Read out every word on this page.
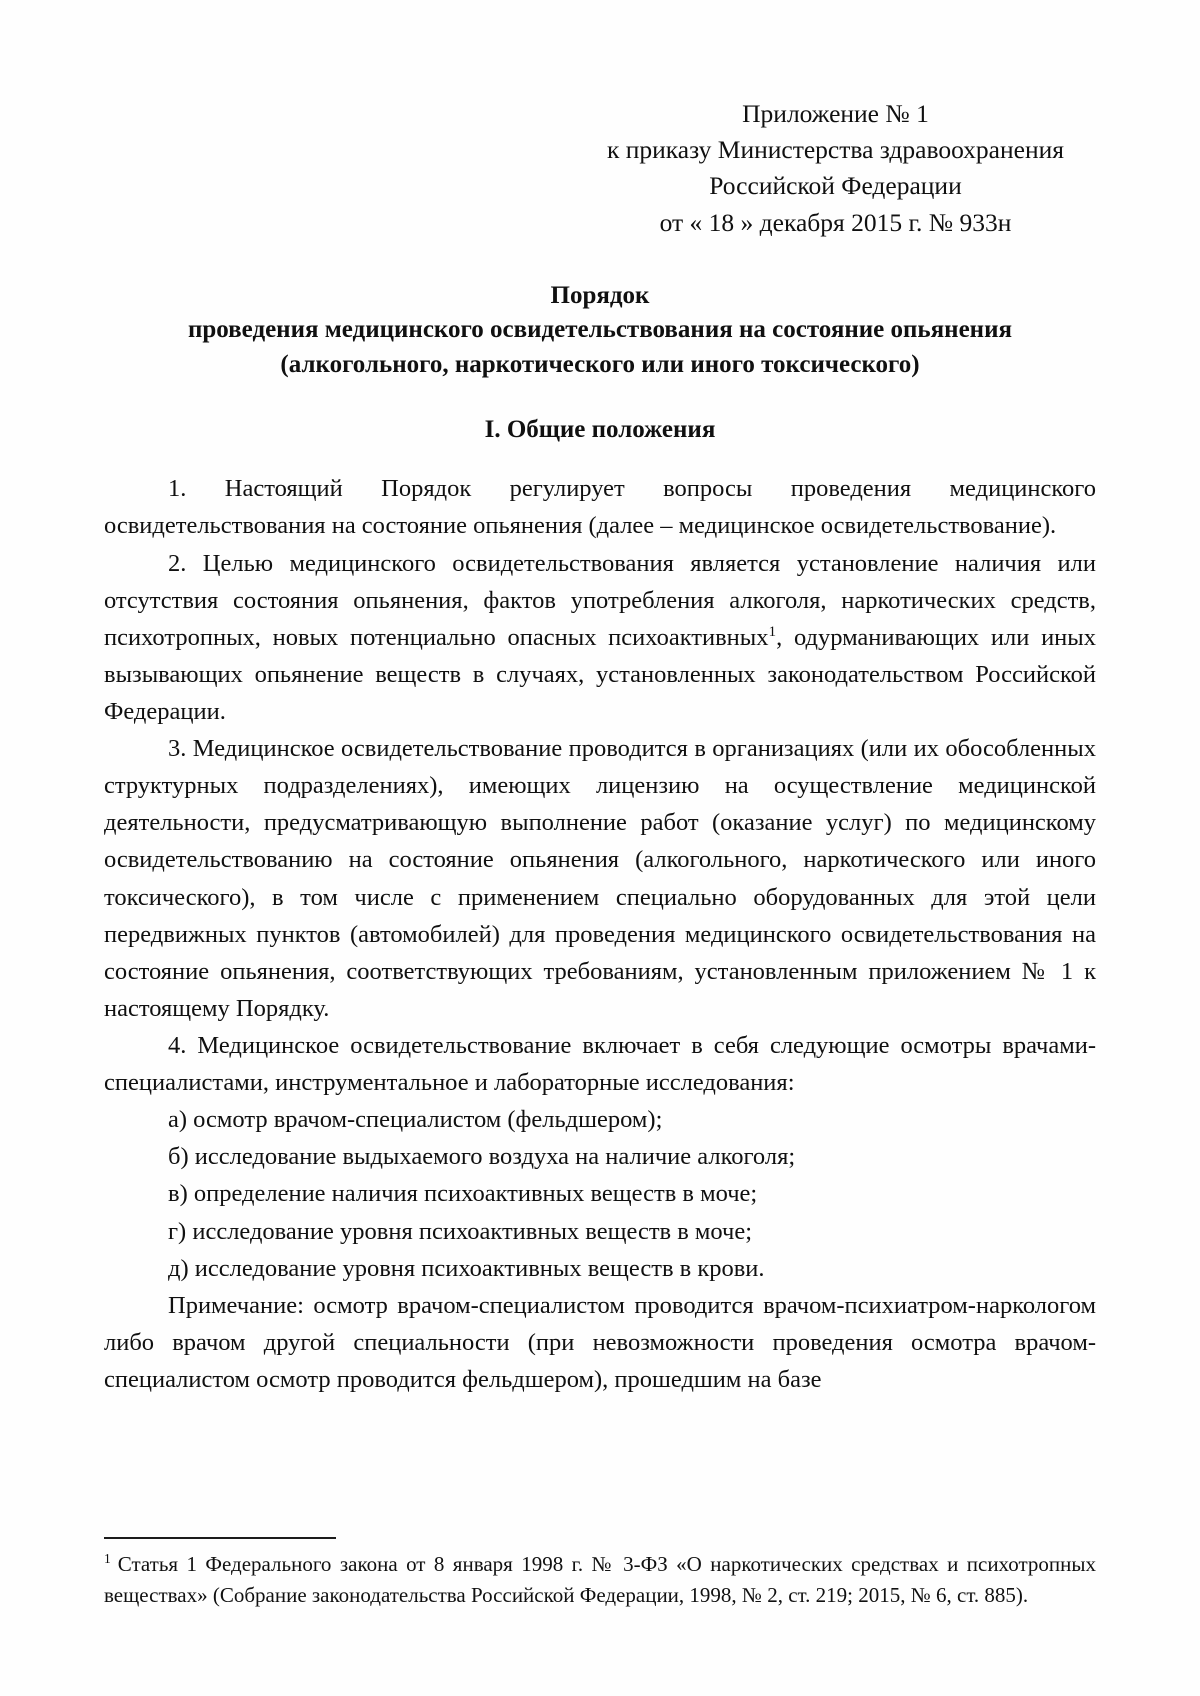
Приложение № 1
к приказу Министерства здравоохранения
Российской Федерации
от « 18 » декабря 2015 г. № 933н
Порядок
проведения медицинского освидетельствования на состояние опьянения
(алкогольного, наркотического или иного токсического)
I. Общие положения

1. Настоящий Порядок регулирует вопросы проведения медицинского освидетельствования на состояние опьянения (далее – медицинское освидетельствование).

2. Целью медицинского освидетельствования является установление наличия или отсутствия состояния опьянения, фактов употребления алкоголя, наркотических средств, психотропных, новых потенциально опасных психоактивных$^1$, одурманивающих или иных вызывающих опьянение веществ в случаях, установленных законодательством Российской Федерации.

3. Медицинское освидетельствование проводится в организациях (или их обособленных структурных подразделениях), имеющих лицензию на осуществление медицинской деятельности, предусматривающую выполнение работ (оказание услуг) по медицинскому освидетельствованию на состояние опьянения (алкогольного, наркотического или иного токсического), в том числе с применением специально оборудованных для этой цели передвижных пунктов (автомобилей) для проведения медицинского освидетельствования на состояние опьянения, соответствующих требованиям, установленным приложением № 1 к настоящему Порядку.

4. Медицинское освидетельствование включает в себя следующие осмотры врачами-специалистами, инструментальное и лабораторные исследования:

а) осмотр врачом-специалистом (фельдшером);

б) исследование выдыхаемого воздуха на наличие алкоголя;

в) определение наличия психоактивных веществ в моче;

г) исследование уровня психоактивных веществ в моче;

д) исследование уровня психоактивных веществ в крови.

Примечание: осмотр врачом-специалистом проводится врачом-психиатром-наркологом либо врачом другой специальности (при невозможности проведения осмотра врачом-специалистом осмотр проводится фельдшером), прошедшим на базе

$^1$ Статья 1 Федерального закона от 8 января 1998 г. № 3-ФЗ «О наркотических средствах и психотропных веществах» (Собрание законодательства Российской Федерации, 1998, № 2, ст. 219; 2015, № 6, ст. 885).
